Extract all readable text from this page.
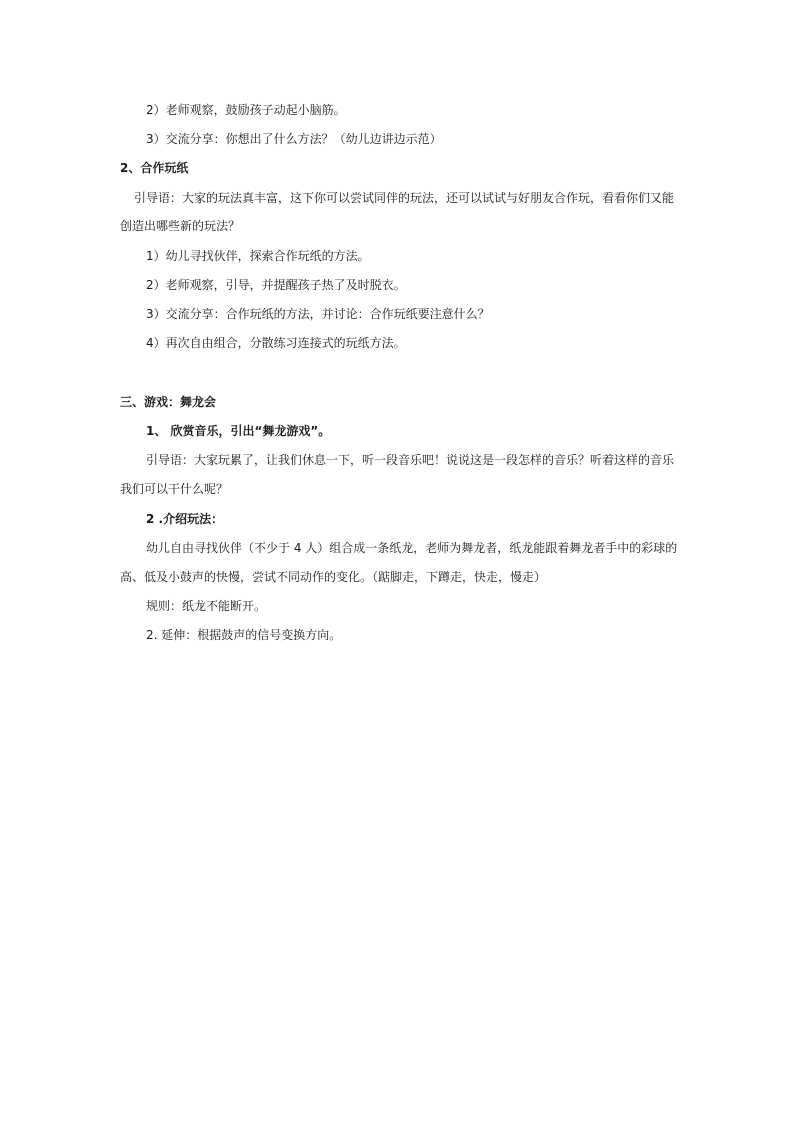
2）老师观察，鼓励孩子动起小脑筋。
3）交流分享：你想出了什么方法？（幼儿边讲边示范）
2、合作玩纸
引导语：大家的玩法真丰富，这下你可以尝试同伴的玩法，还可以试试与好朋友合作玩，看看你们又能
创造出哪些新的玩法？
1）幼儿寻找伙伴，探索合作玩纸的方法。
2）老师观察，引导，并提醒孩子热了及时脱衣。
3）交流分享：合作玩纸的方法，并讨论：合作玩纸要注意什么？
4）再次自由组合，分散练习连接式的玩纸方法。
三、游戏：舞龙会
1、 欣赏音乐，引出“舞龙游戏”。
引导语：大家玩累了，让我们休息一下，听一段音乐吧！说说这是一段怎样的音乐？听着这样的音乐
我们可以干什么呢？
2 .介绍玩法：
幼儿自由寻找伙伴（不少于 4 人）组合成一条纸龙，老师为舞龙者，纸龙能跟着舞龙者手中的彩球的
高、低及小鼓声的快慢，尝试不同动作的变化。（踮脚走，下蹲走，快走，慢走）
规则：纸龙不能断开。
2. 延伸：根据鼓声的信号变换方向。
